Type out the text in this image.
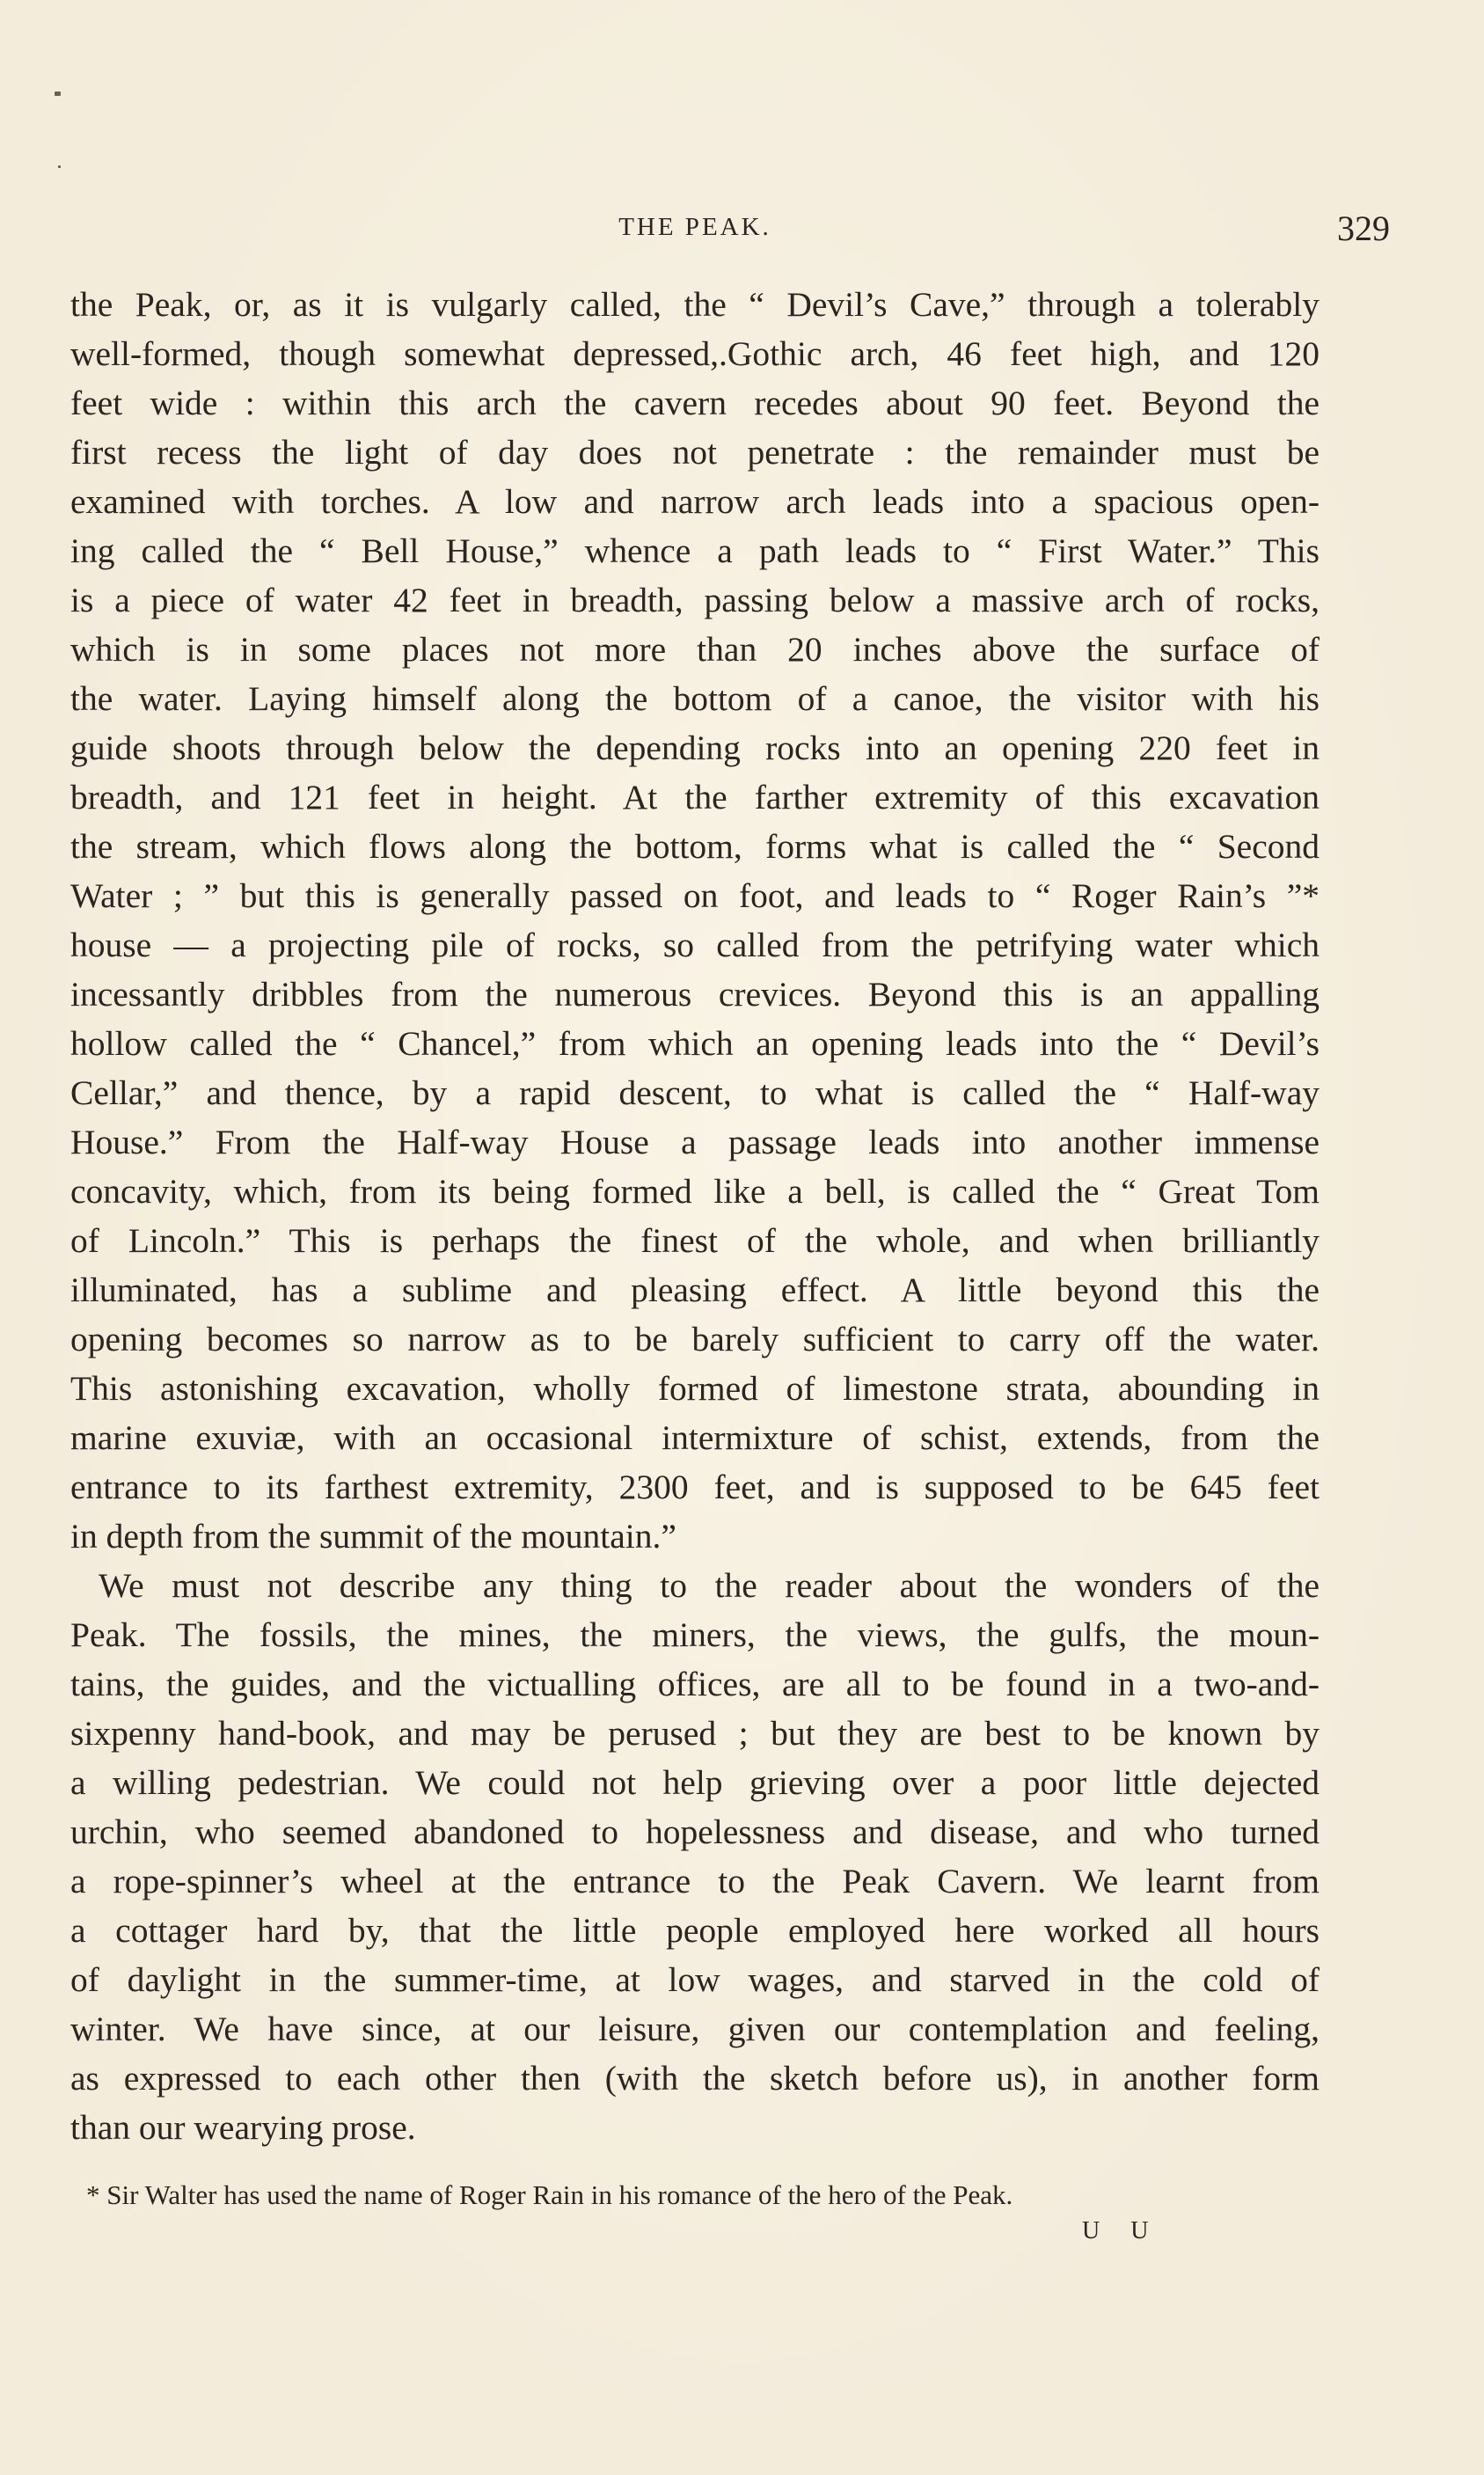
THE PEAK.	329
the Peak, or, as it is vulgarly called, the “ Devil’s Cave,” through a tolerably
well-formed, though somewhat depressed,.Gothic arch, 46 feet high, and 120
feet wide : within this arch the cavern recedes about 90 feet. Beyond the
first recess the light of day does not penetrate : the remainder must be
examined with torches. A low and narrow arch leads into a spacious open-
ing called the “ Bell House,” whence a path leads to “ First Water.” This
is a piece of water 42 feet in breadth, passing below a massive arch of rocks,
which is in some places not more than 20 inches above the surface of
the water. Laying himself along the bottom of a canoe, the visitor with his
guide shoots through below the depending rocks into an opening 220 feet in
breadth, and 121 feet in height. At the farther extremity of this excavation
the stream, which flows along the bottom, forms what is called the “ Second
Water ; ” but this is generally passed on foot, and leads to “ Roger Rain’s ”*
house — a projecting pile of rocks, so called from the petrifying water which
incessantly dribbles from the numerous crevices. Beyond this is an appalling
hollow called the “ Chancel,” from which an opening leads into the “ Devil’s
Cellar,” and thence, by a rapid descent, to what is called the “ Half-way
House.” From the Half-way House a passage leads into another immense
concavity, which, from its being formed like a bell, is called the “ Great Tom
of Lincoln.” This is perhaps the finest of the whole, and when brilliantly
illuminated, has a sublime and pleasing effect. A little beyond this the
opening becomes so narrow as to be barely sufficient to carry off the water.
This astonishing excavation, wholly formed of limestone strata, abounding in
marine exuviæ, with an occasional intermixture of schist, extends, from the
entrance to its farthest extremity, 2300 feet, and is supposed to be 645 feet
in depth from the summit of the mountain.”
We must not describe any thing to the reader about the wonders of the
Peak. The fossils, the mines, the miners, the views, the gulfs, the moun-
tains, the guides, and the victualling offices, are all to be found in a two-and-
sixpenny hand-book, and may be perused ; but they are best to be known by
a willing pedestrian. We could not help grieving over a poor little dejected
urchin, who seemed abandoned to hopelessness and disease, and who turned
a rope-spinner’s wheel at the entrance to the Peak Cavern. We learnt from
a cottager hard by, that the little people employed here worked all hours
of daylight in the summer-time, at low wages, and starved in the cold of
winter. We have since, at our leisure, given our contemplation and feeling,
as expressed to each other then (with the sketch before us), in another form
than our wearying prose.
* Sir Walter has used the name of Roger Rain in his romance of the hero of the Peak.
U U
